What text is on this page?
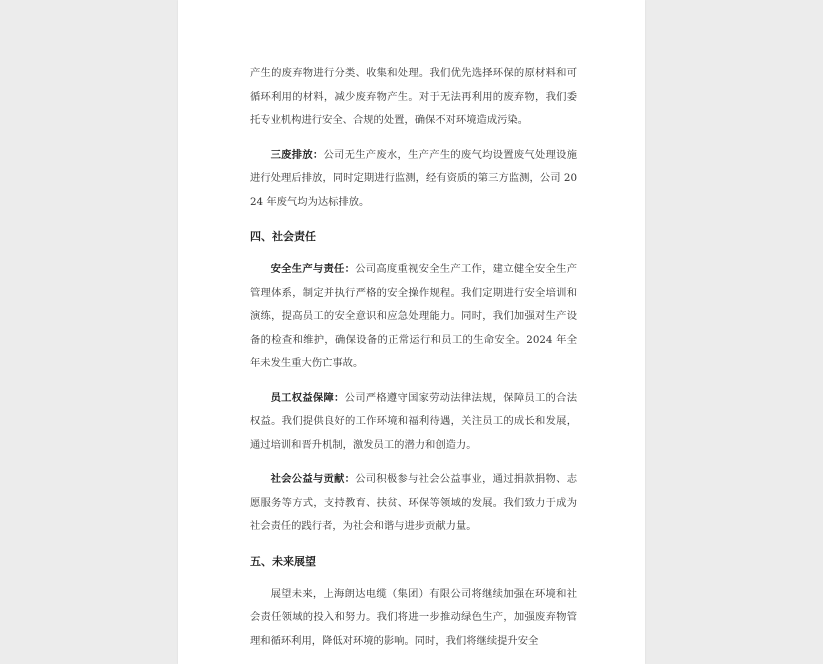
产生的废弃物进行分类、收集和处理。我们优先选择环保的原材料和可循环利用的材料，减少废弃物产生。对于无法再利用的废弃物，我们委托专业机构进行安全、合规的处置，确保不对环境造成污染。

三废排放：公司无生产废水，生产产生的废气均设置废气处理设施进行处理后排放，同时定期进行监测，经有资质的第三方监测，公司 2024 年废气均为达标排放。

四、社会责任

安全生产与责任：公司高度重视安全生产工作，建立健全安全生产管理体系，制定并执行严格的安全操作规程。我们定期进行安全培训和演练，提高员工的安全意识和应急处理能力。同时，我们加强对生产设备的检查和维护，确保设备的正常运行和员工的生命安全。2024 年全年未发生重大伤亡事故。

员工权益保障：公司严格遵守国家劳动法律法规，保障员工的合法权益。我们提供良好的工作环境和福利待遇，关注员工的成长和发展，通过培训和晋升机制，激发员工的潜力和创造力。

社会公益与贡献：公司积极参与社会公益事业，通过捐款捐物、志愿服务等方式，支持教育、扶贫、环保等领域的发展。我们致力于成为社会责任的践行者，为社会和谐与进步贡献力量。

五、未来展望

展望未来，上海朗达电缆（集团）有限公司将继续加强在环境和社会责任领域的投入和努力。我们将进一步推动绿色生产，加强废弃物管理和循环利用，降低对环境的影响。同时，我们将继续提升安全
